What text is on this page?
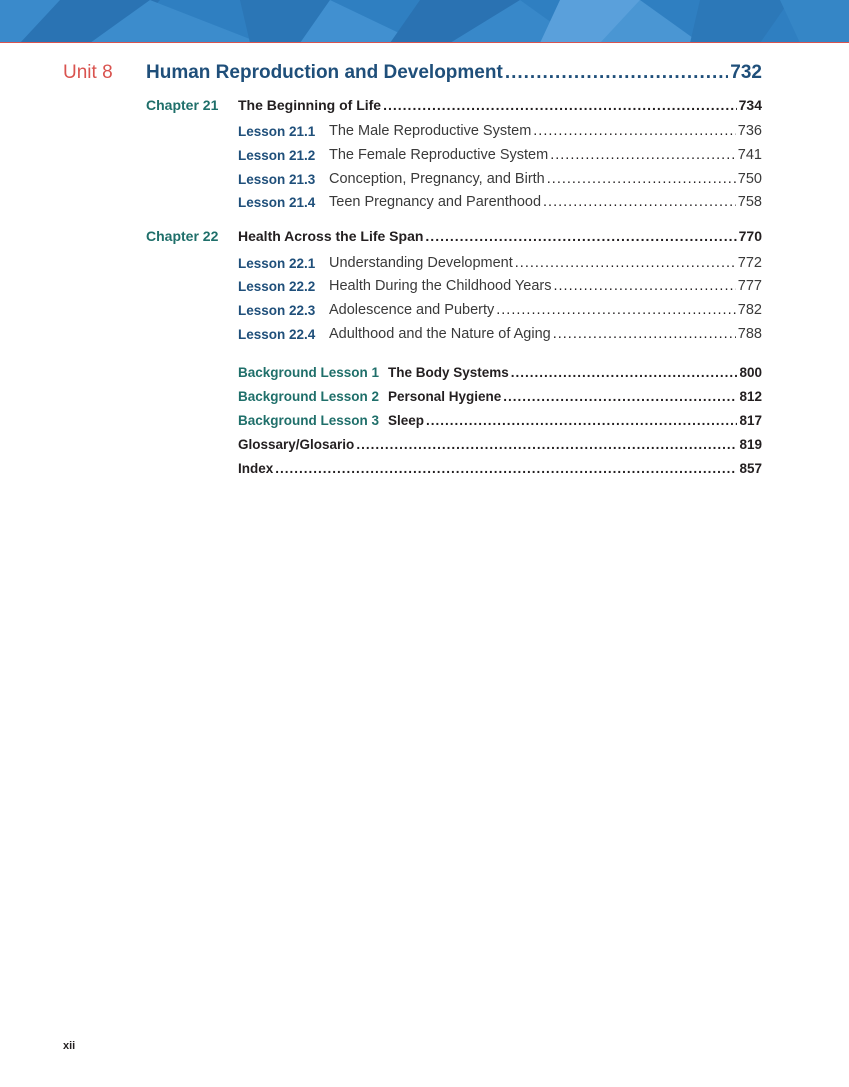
Unit 8 Human Reproduction and Development .....	732
Chapter 21 The Beginning of Life .....	734
Lesson 21.1 The Male Reproductive System .....	736
Lesson 21.2 The Female Reproductive System .....	741
Lesson 21.3 Conception, Pregnancy, and Birth .....	750
Lesson 21.4 Teen Pregnancy and Parenthood .....	758
Chapter 22 Health Across the Life Span .....	770
Lesson 22.1 Understanding Development .....	772
Lesson 22.2 Health During the Childhood Years .....	777
Lesson 22.3 Adolescence and Puberty .....	782
Lesson 22.4 Adulthood and the Nature of Aging .....	788
Background Lesson 1 The Body Systems .....	800
Background Lesson 2 Personal Hygiene .....	812
Background Lesson 3 Sleep .....	817
Glossary/Glosario .....	819
Index .....	857
xii
